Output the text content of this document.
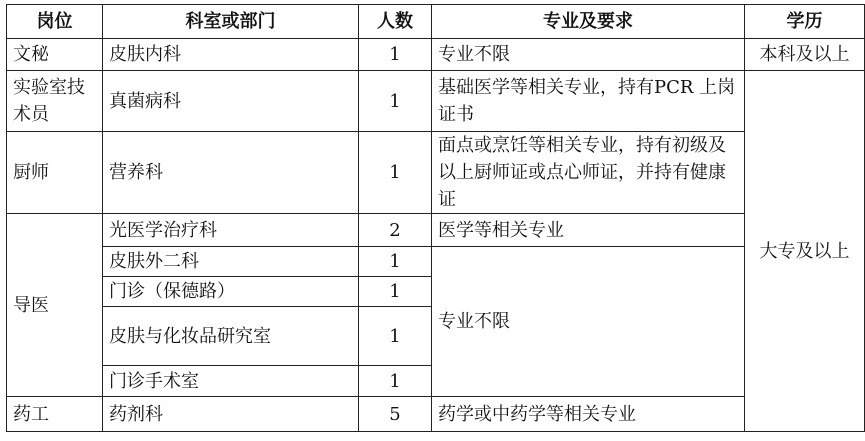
岗位	科室或部门	人数	专业及要求	学历
文秘	皮肤内科	1	专业不限	本科及以上
实验室技术员	真菌病科	1	基础医学等相关专业，持有PCR 上岗证书	大专及以上
厨师	营养科	1	面点或烹饪等相关专业，持有初级及以上厨师证或点心师证，并持有健康证	
导医	光医学治疗科	2	医学等相关专业	
	皮肤外二科	1	专业不限	
	门诊（保德路）	1		
	皮肤与化妆品研究室	1		
	门诊手术室	1		
药工	药剂科	5	药学或中药学等相关专业	
